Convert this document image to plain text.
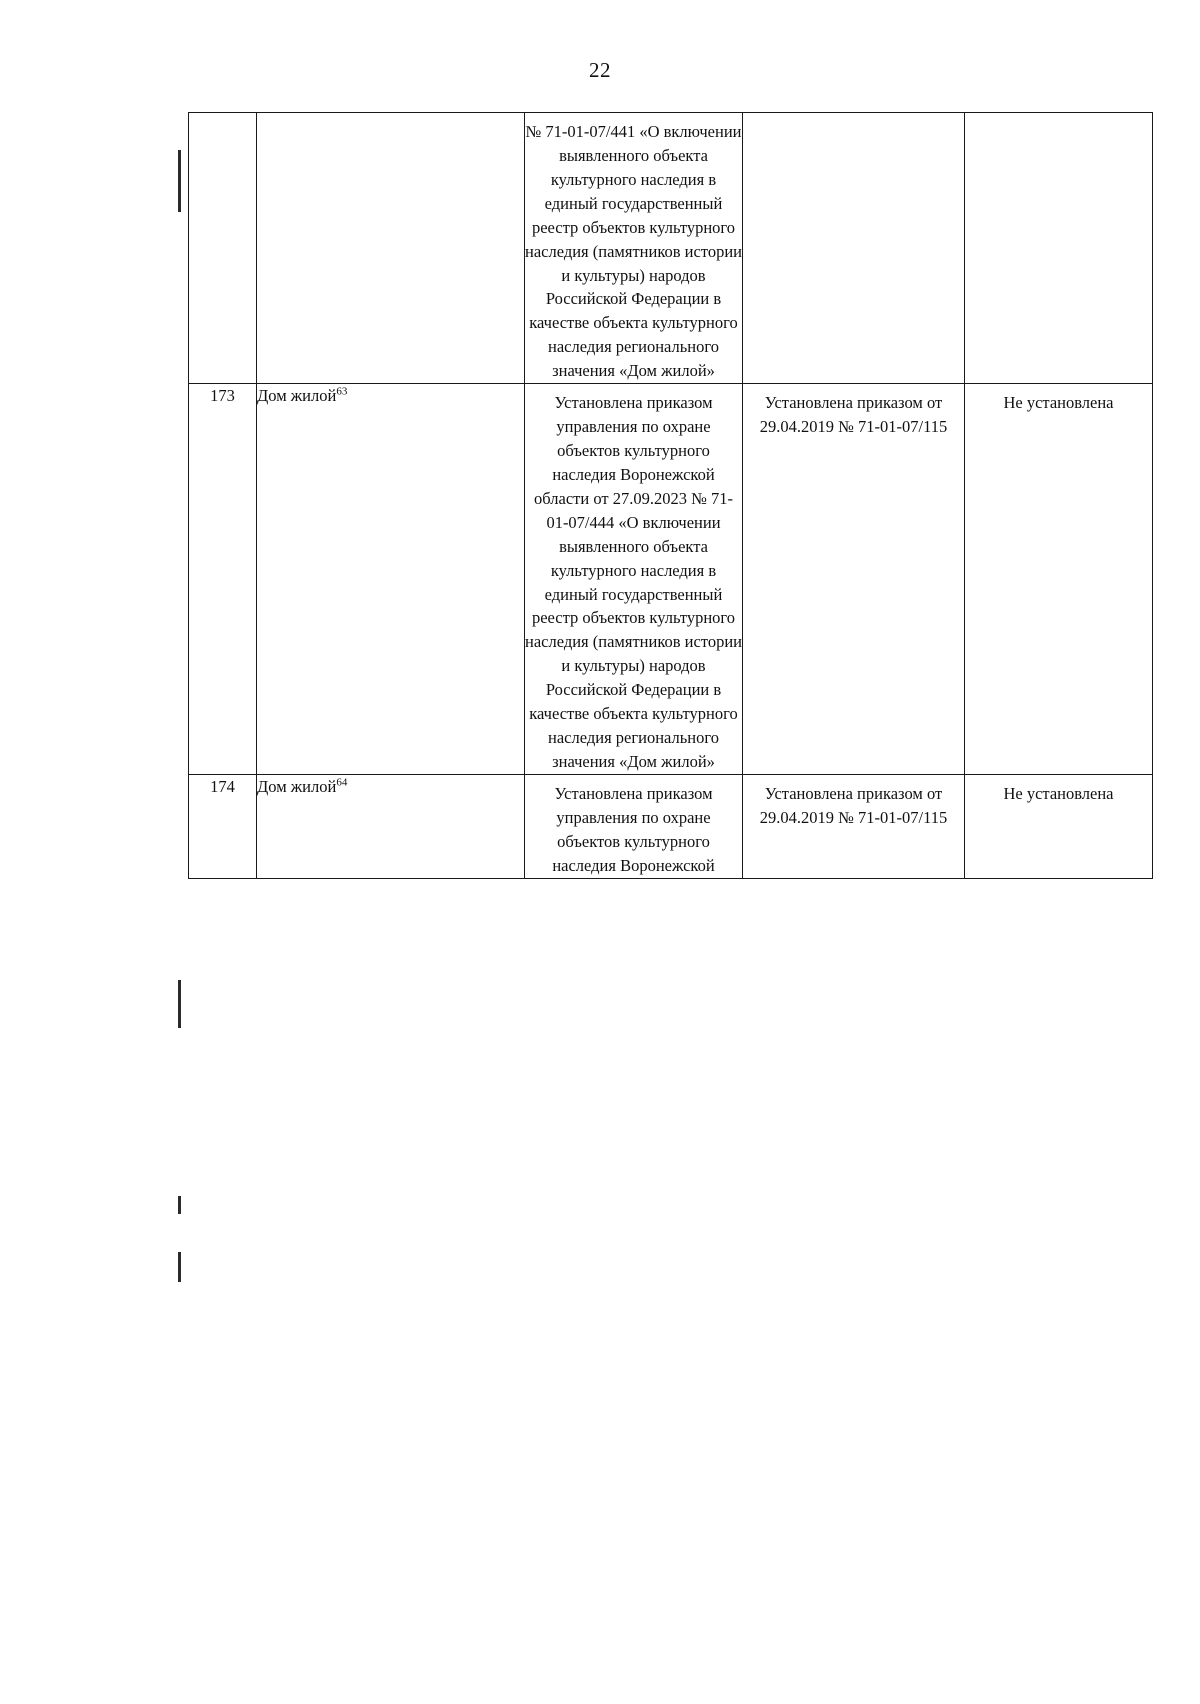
22
		№ 71-01-07/441 «О включении выявленного объекта культурного наследия в единый государственный реестр объектов культурного наследия (памятников истории и культуры) народов Российской Федерации в качестве объекта культурного наследия регионального значения «Дом жилой»		
173	Дом жилой$^{63}$	Установлена приказом управления по охране объектов культурного наследия Воронежской области от 27.09.2023 № 71-01-07/444 «О включении выявленного объекта культурного наследия в единый государственный реестр объектов культурного наследия (памятников истории и культуры) народов Российской Федерации в качестве объекта культурного наследия регионального значения «Дом жилой»	Установлена приказом от 29.04.2019 № 71-01-07/115	Не установлена
174	Дом жилой$^{64}$	Установлена приказом управления по охране объектов культурного наследия Воронежской	Установлена приказом от 29.04.2019 № 71-01-07/115	Не установлена
